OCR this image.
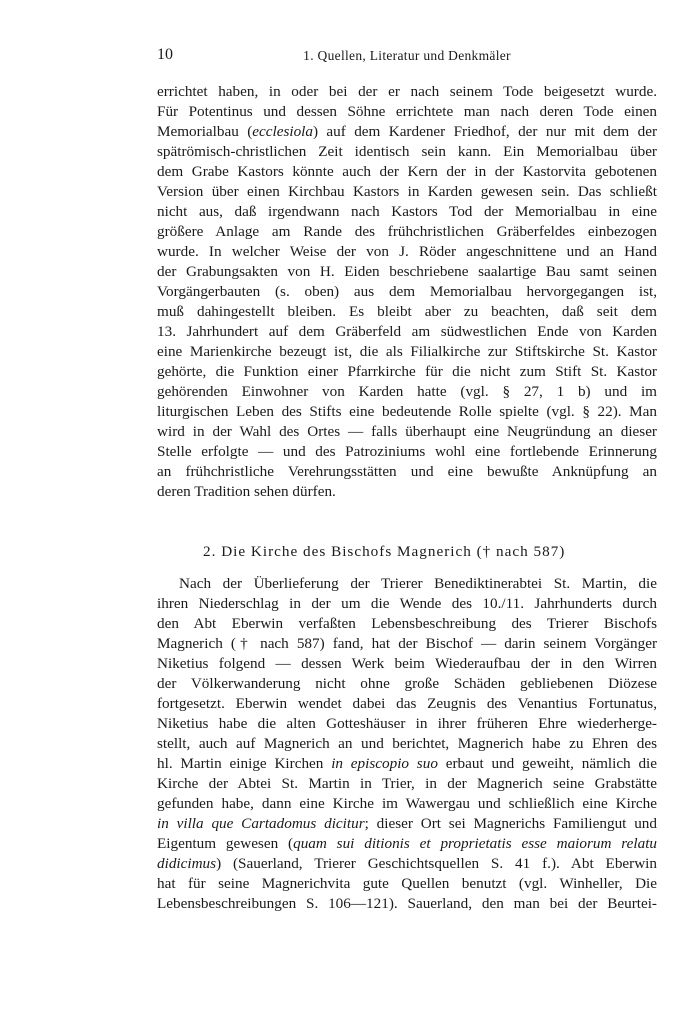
10	1. Quellen, Literatur und Denkmäler
errichtet haben, in oder bei der er nach seinem Tode beigesetzt wurde.
Für Potentinus und dessen Söhne errichtete man nach deren Tode einen
Memorialbau (ecclesiola) auf dem Kardener Friedhof, der nur mit dem der
spätrömisch-christlichen Zeit identisch sein kann. Ein Memorialbau über
dem Grabe Kastors könnte auch der Kern der in der Kastorvita gebotenen
Version über einen Kirchbau Kastors in Karden gewesen sein. Das schließt
nicht aus, daß irgendwann nach Kastors Tod der Memorialbau in eine
größere Anlage am Rande des frühchristlichen Gräberfeldes einbezogen
wurde. In welcher Weise der von J. Röder angeschnittene und an Hand
der Grabungsakten von H. Eiden beschriebene saalartige Bau samt seinen
Vorgängerbauten (s. oben) aus dem Memorialbau hervorgegangen ist,
muß dahingestellt bleiben. Es bleibt aber zu beachten, daß seit dem
13. Jahrhundert auf dem Gräberfeld am südwestlichen Ende von Karden
eine Marienkirche bezeugt ist, die als Filialkirche zur Stiftskirche St. Kastor
gehörte, die Funktion einer Pfarrkirche für die nicht zum Stift St. Kastor
gehörenden Einwohner von Karden hatte (vgl. § 27, 1 b) und im
liturgischen Leben des Stifts eine bedeutende Rolle spielte (vgl. § 22). Man
wird in der Wahl des Ortes — falls überhaupt eine Neugründung an dieser
Stelle erfolgte — und des Patroziniums wohl eine fortlebende Erinnerung
an frühchristliche Verehrungsstätten und eine bewußte Anknüpfung an
deren Tradition sehen dürfen.
2. Die Kirche des Bischofs Magnerich († nach 587)
Nach der Überlieferung der Trierer Benediktinerabtei St. Martin, die
ihren Niederschlag in der um die Wende des 10./11. Jahrhunderts durch
den Abt Eberwin verfaßten Lebensbeschreibung des Trierer Bischofs
Magnerich († nach 587) fand, hat der Bischof — darin seinem Vorgänger
Niketius folgend — dessen Werk beim Wiederaufbau der in den Wirren
der Völkerwanderung nicht ohne große Schäden gebliebenen Diözese
fortgesetzt. Eberwin wendet dabei das Zeugnis des Venantius Fortunatus,
Niketius habe die alten Gotteshäuser in ihrer früheren Ehre wiederherge-
stellt, auch auf Magnerich an und berichtet, Magnerich habe zu Ehren des
hl. Martin einige Kirchen in episcopio suo erbaut und geweiht, nämlich die
Kirche der Abtei St. Martin in Trier, in der Magnerich seine Grabstätte
gefunden habe, dann eine Kirche im Wawergau und schließlich eine Kirche
in villa que Cartadomus dicitur; dieser Ort sei Magnerichs Familiengut und
Eigentum gewesen (quam sui ditionis et proprietatis esse maiorum relatu
didicimus) (Sauerland, Trierer Geschichtsquellen S. 41 f.). Abt Eberwin
hat für seine Magnerichvita gute Quellen benutzt (vgl. Winheller, Die
Lebensbeschreibungen S. 106—121). Sauerland, den man bei der Beurtei-
